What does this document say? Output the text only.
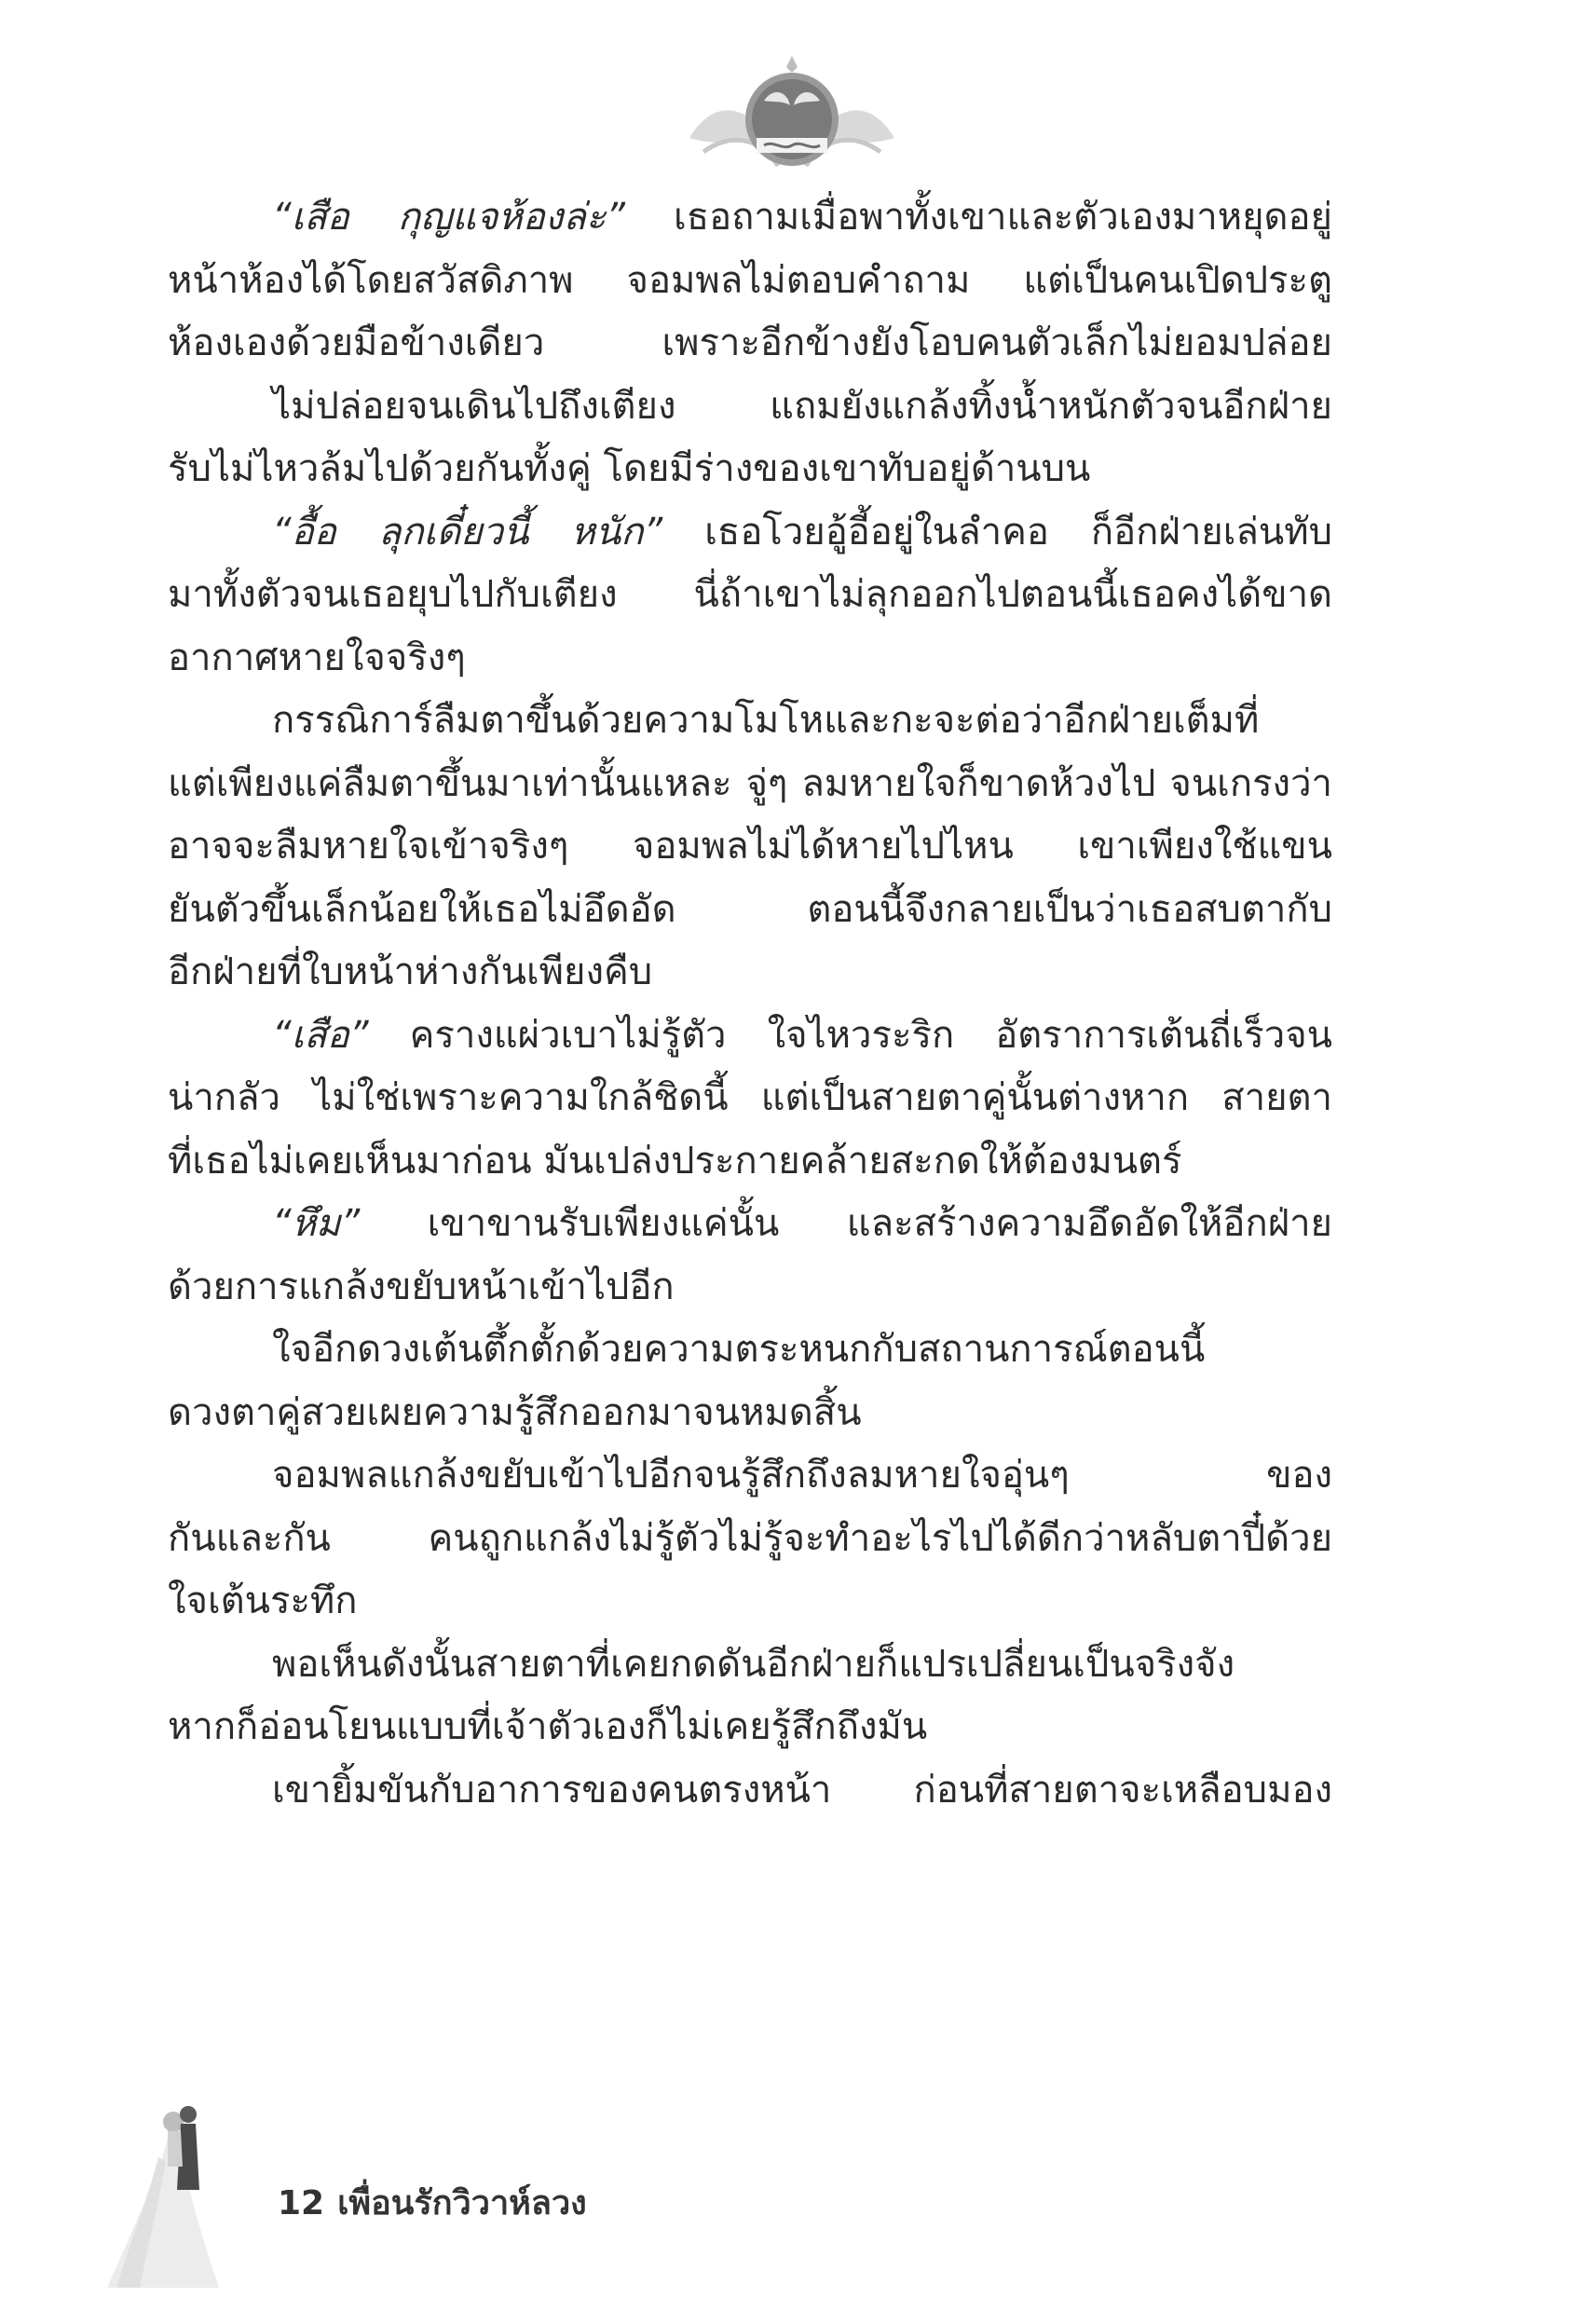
“เสือ กุญแจห้องล่ะ” เธอถามเมื่อพาทั้งเขาและตัวเองมาหยุดอยู่
หน้าห้องได้โดยสวัสดิภาพ จอมพลไม่ตอบคำถาม แต่เป็นคนเปิดประตู
ห้องเองด้วยมือข้างเดียว เพราะอีกข้างยังโอบคนตัวเล็กไม่ยอมปล่อย
ไม่ปล่อยจนเดินไปถึงเตียง แถมยังแกล้งทิ้งน้ำหนักตัวจนอีกฝ่าย
รับไม่ไหวล้มไปด้วยกันทั้งคู่ โดยมีร่างของเขาทับอยู่ด้านบน
“อื้อ ลุกเดี๋ยวนี้ หนัก” เธอโวยอู้อี้อยู่ในลำคอ ก็อีกฝ่ายเล่นทับ
มาทั้งตัวจนเธอยุบไปกับเตียง นี่ถ้าเขาไม่ลุกออกไปตอนนี้เธอคงได้ขาด
อากาศหายใจจริงๆ
กรรณิการ์ลืมตาขึ้นด้วยความโมโหและกะจะต่อว่าอีกฝ่ายเต็มที่
แต่เพียงแค่ลืมตาขึ้นมาเท่านั้นแหละ จู่ๆ ลมหายใจก็ขาดห้วงไป จนเกรงว่า
อาจจะลืมหายใจเข้าจริงๆ จอมพลไม่ได้หายไปไหน เขาเพียงใช้แขน
ยันตัวขึ้นเล็กน้อยให้เธอไม่อึดอัด ตอนนี้จึงกลายเป็นว่าเธอสบตากับ
อีกฝ่ายที่ใบหน้าห่างกันเพียงคืบ
“เสือ” ครางแผ่วเบาไม่รู้ตัว ใจไหวระริก อัตราการเต้นถี่เร็วจน
น่ากลัว ไม่ใช่เพราะความใกล้ชิดนี้ แต่เป็นสายตาคู่นั้นต่างหาก สายตา
ที่เธอไม่เคยเห็นมาก่อน มันเปล่งประกายคล้ายสะกดให้ต้องมนตร์
“หึม” เขาขานรับเพียงแค่นั้น และสร้างความอึดอัดให้อีกฝ่าย
ด้วยการแกล้งขยับหน้าเข้าไปอีก
ใจอีกดวงเต้นตึ้กตั้กด้วยความตระหนกกับสถานการณ์ตอนนี้
ดวงตาคู่สวยเผยความรู้สึกออกมาจนหมดสิ้น
จอมพลแกล้งขยับเข้าไปอีกจนรู้สึกถึงลมหายใจอุ่นๆ ของ
กันและกัน คนถูกแกล้งไม่รู้ตัวไม่รู้จะทำอะไรไปได้ดีกว่าหลับตาปี๋ด้วย
ใจเต้นระทึก
พอเห็นดังนั้นสายตาที่เคยกดดันอีกฝ่ายก็แปรเปลี่ยนเป็นจริงจัง
หากก็อ่อนโยนแบบที่เจ้าตัวเองก็ไม่เคยรู้สึกถึงมัน
เขายิ้มขันกับอาการของคนตรงหน้า ก่อนที่สายตาจะเหลือบมอง
12 เพื่อนรักวิวาห์ลวง
